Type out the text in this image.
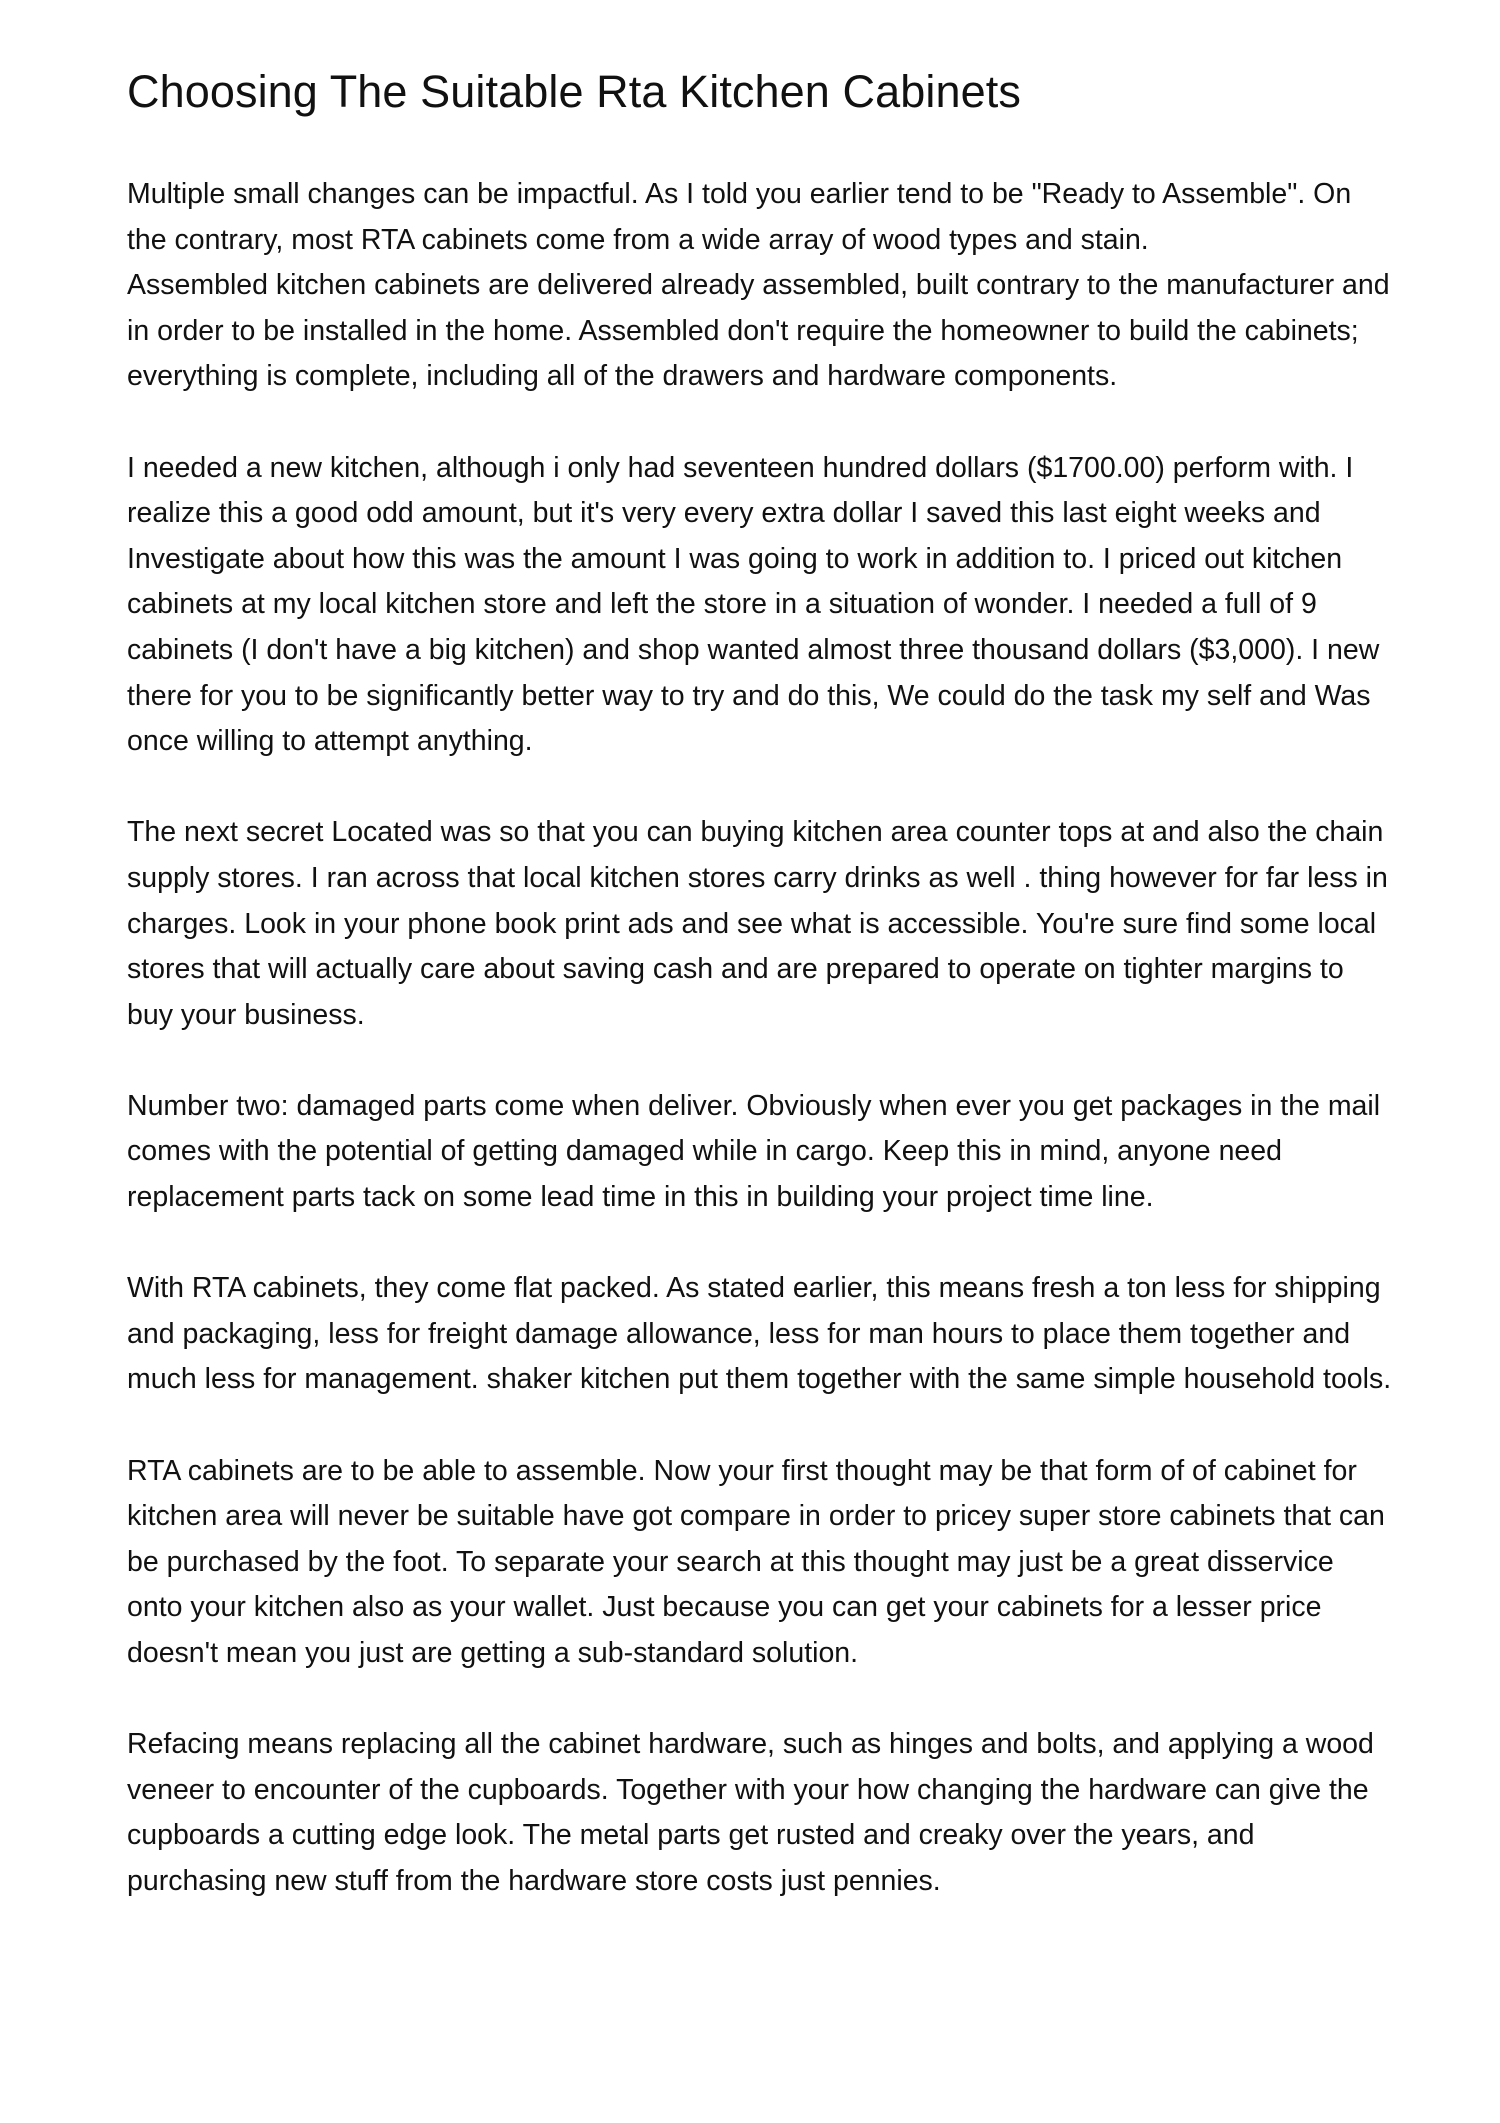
Choosing The Suitable Rta Kitchen Cabinets

Multiple small changes can be impactful. As I told you earlier tend to be "Ready to Assemble". On the contrary, most RTA cabinets come from a wide array of wood types and stain.

Assembled kitchen cabinets are delivered already assembled, built contrary to the manufacturer and in order to be installed in the home. Assembled don't require the homeowner to build the cabinets; everything is complete, including all of the drawers and hardware components.

I needed a new kitchen, although i only had seventeen hundred dollars ($1700.00) perform with. I realize this a good odd amount, but it's very every extra dollar I saved this last eight weeks and Investigate about how this was the amount I was going to work in addition to. I priced out kitchen cabinets at my local kitchen store and left the store in a situation of wonder. I needed a full of 9 cabinets (I don't have a big kitchen) and shop wanted almost three thousand dollars ($3,000). I new there for you to be significantly better way to try and do this, We could do the task my self and Was once willing to attempt anything.

The next secret Located was so that you can buying kitchen area counter tops at and also the chain supply stores. I ran across that local kitchen stores carry drinks as well . thing however for far less in charges. Look in your phone book print ads and see what is accessible. You're sure find some local stores that will actually care about saving cash and are prepared to operate on tighter margins to buy your business.

Number two: damaged parts come when deliver. Obviously when ever you get packages in the mail comes with the potential of getting damaged while in cargo. Keep this in mind, anyone need replacement parts tack on some lead time in this in building your project time line.

With RTA cabinets, they come flat packed. As stated earlier, this means fresh a ton less for shipping and packaging, less for freight damage allowance, less for man hours to place them together and much less for management. shaker kitchen put them together with the same simple household tools.

RTA cabinets are to be able to assemble. Now your first thought may be that form of of cabinet for kitchen area will never be suitable have got compare in order to pricey super store cabinets that can be purchased by the foot. To separate your search at this thought may just be a great disservice onto your kitchen also as your wallet. Just because you can get your cabinets for a lesser price doesn't mean you just are getting a sub-standard solution.

Refacing means replacing all the cabinet hardware, such as hinges and bolts, and applying a wood veneer to encounter of the cupboards. Together with your how changing the hardware can give the cupboards a cutting edge look. The metal parts get rusted and creaky over the years, and purchasing new stuff from the hardware store costs just pennies.
